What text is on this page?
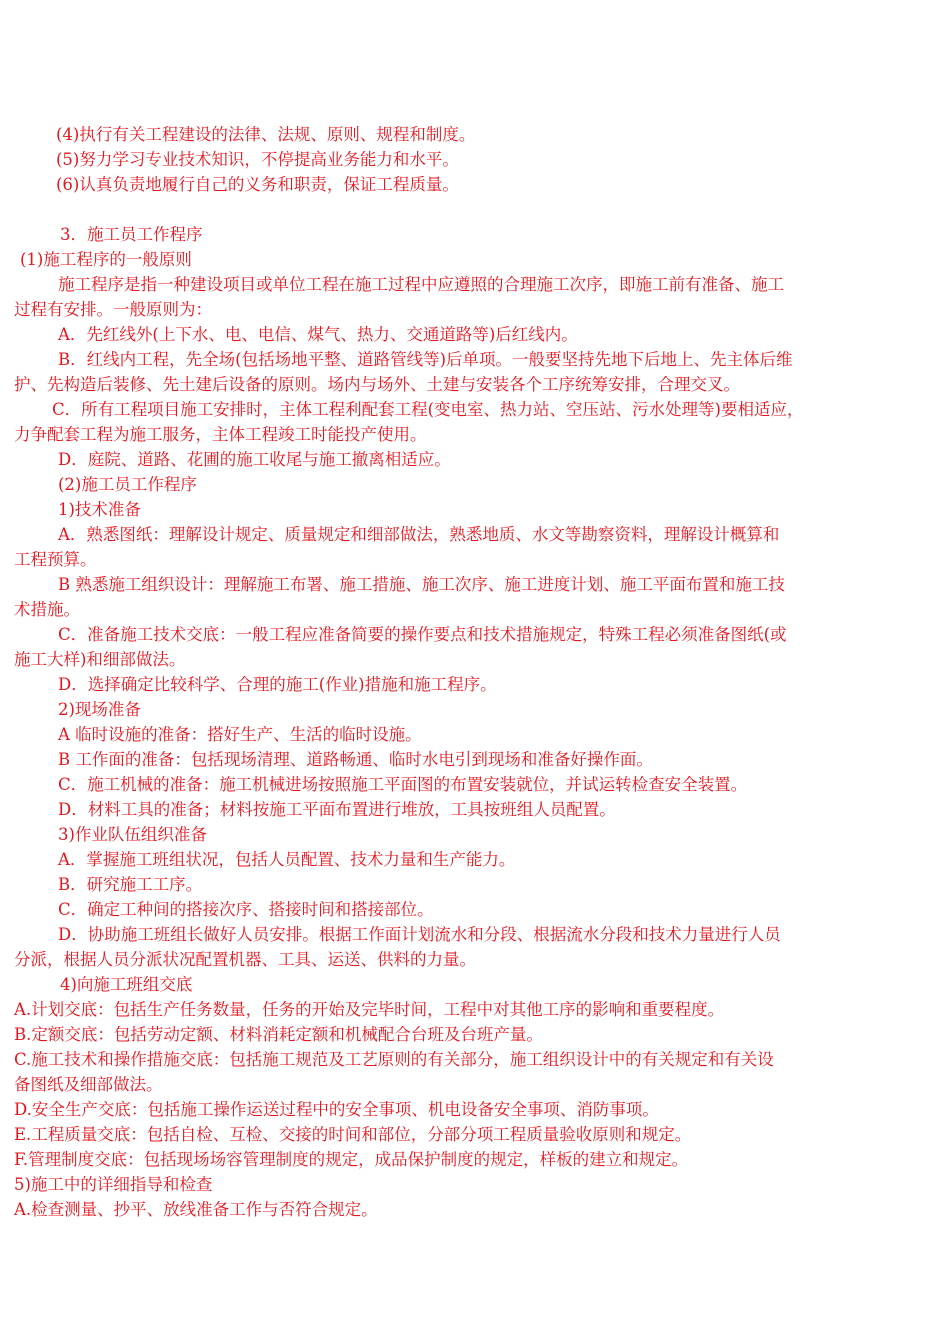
(4)执行有关工程建设的法律、法规、原则、规程和制度。

(5)努力学习专业技术知识，不停提高业务能力和水平。

(6)认真负责地履行自己的义务和职责，保证工程质量。

3．施工员工作程序

(1)施工程序的一般原则

施工程序是指一种建设项目或单位工程在施工过程中应遵照的合理施工次序，即施工前有准备、施工

过程有安排。一般原则为：

A．先红线外(上下水、电、电信、煤气、热力、交通道路等)后红线内。

B．红线内工程，先全场(包括场地平整、道路管线等)后单项。一般要坚持先地下后地上、先主体后维

护、先构造后装修、先土建后设备的原则。场内与场外、土建与安装各个工序统筹安排，合理交叉。

C．所有工程项目施工安排时，主体工程利配套工程(变电室、热力站、空压站、污水处理等)要相适应，

力争配套工程为施工服务，主体工程竣工时能投产使用。

D．庭院、道路、花圃的施工收尾与施工撤离相适应。

(2)施工员工作程序

1)技术准备

A．熟悉图纸：理解设计规定、质量规定和细部做法，熟悉地质、水文等勘察资料，理解设计概算和

工程预算。

B 熟悉施工组织设计：理解施工布署、施工措施、施工次序、施工进度计划、施工平面布置和施工技

术措施。

C．准备施工技术交底：一般工程应准备简要的操作要点和技术措施规定，特殊工程必须准备图纸(或

施工大样)和细部做法。

D．选择确定比较科学、合理的施工(作业)措施和施工程序。

2)现场准备

A 临时设施的准备：搭好生产、生活的临时设施。

B 工作面的准备：包括现场清理、道路畅通、临时水电引到现场和准备好操作面。

C．施工机械的准备：施工机械进场按照施工平面图的布置安装就位，并试运转检查安全装置。

D．材料工具的准备；材料按施工平面布置进行堆放，工具按班组人员配置。

3)作业队伍组织准备

A．掌握施工班组状况，包括人员配置、技术力量和生产能力。

B．研究施工工序。

C．确定工种间的搭接次序、搭接时间和搭接部位。

D．协助施工班组长做好人员安排。根据工作面计划流水和分段、根据流水分段和技术力量进行人员

分派，根据人员分派状况配置机器、工具、运送、供料的力量。

4)向施工班组交底

A.计划交底：包括生产任务数量，任务的开始及完毕时间，工程中对其他工序的影响和重要程度。

B.定额交底：包括劳动定额、材料消耗定额和机械配合台班及台班产量。

C.施工技术和操作措施交底：包括施工规范及工艺原则的有关部分，施工组织设计中的有关规定和有关设

备图纸及细部做法。

D.安全生产交底：包括施工操作运送过程中的安全事项、机电设备安全事项、消防事项。

E.工程质量交底：包括自检、互检、交接的时间和部位，分部分项工程质量验收原则和规定。

F.管理制度交底：包括现场场容管理制度的规定，成品保护制度的规定，样板的建立和规定。

5)施工中的详细指导和检查

A.检查测量、抄平、放线准备工作与否符合规定。
